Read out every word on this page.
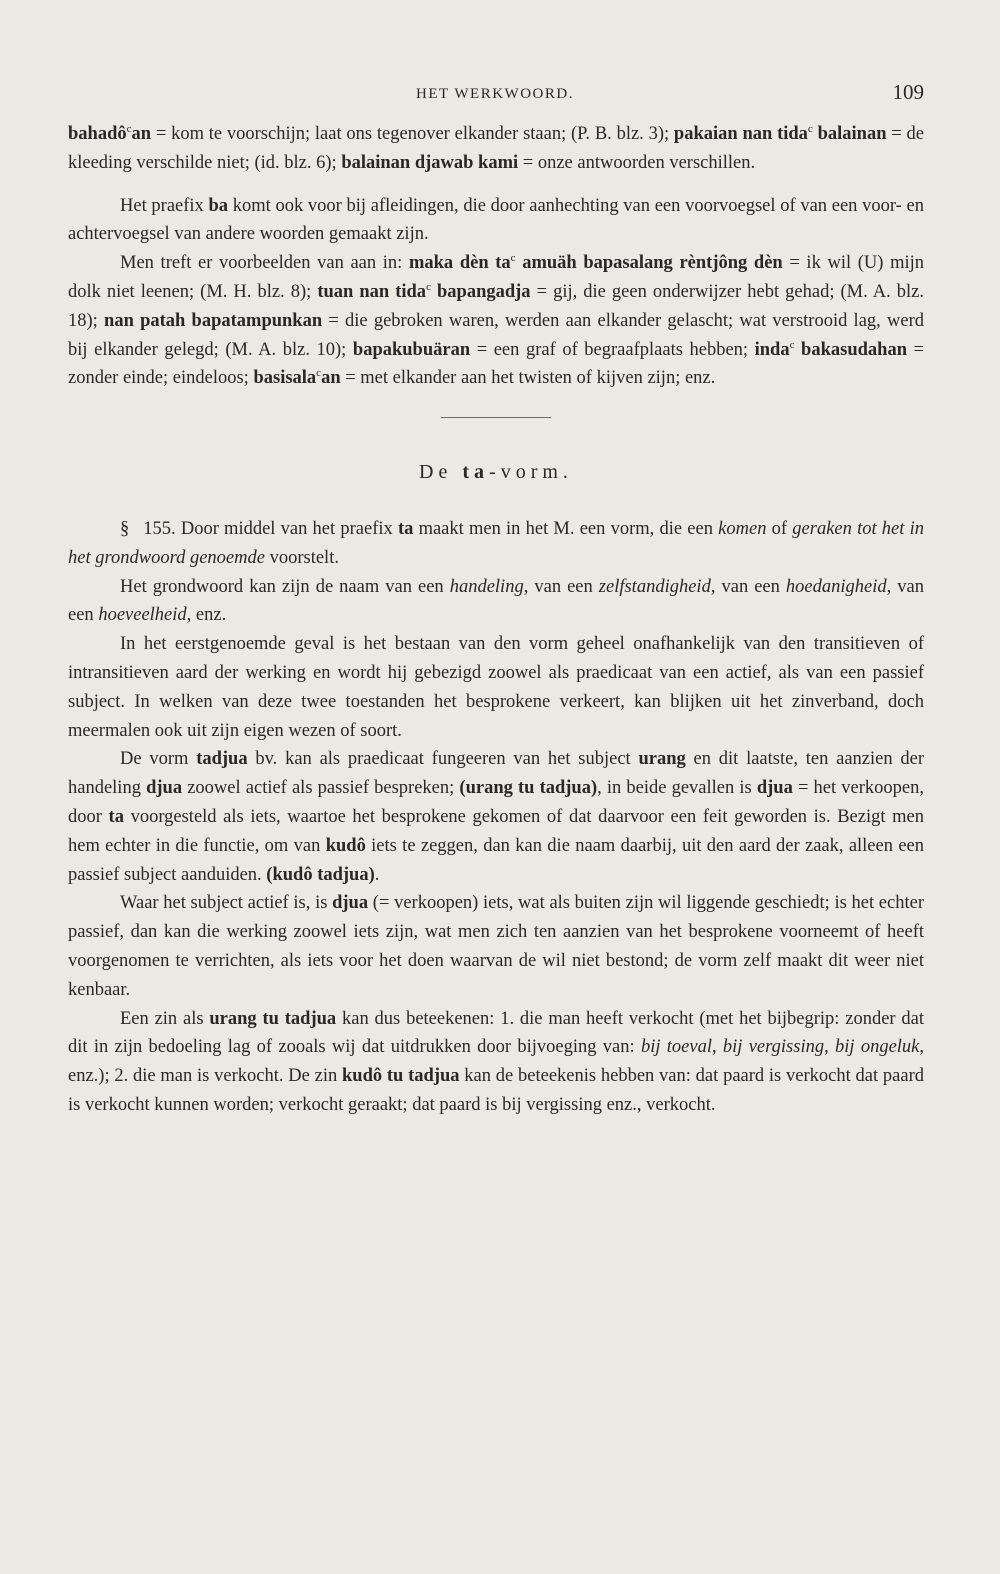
HET WERKWOORD.	109

bahadô$^c$an = kom te voorschijn; laat ons tegenover elkander staan; (P. B. blz. 3); pakaian nan tida$^c$ balainan = de kleeding verschilde niet; (id. blz. 6); balainan djawab kami = onze antwoorden verschillen.

Het praefix ba komt ook voor bij afleidingen, die door aanhechting van een voorvoegsel of van een voor- en achtervoegsel van andere woorden gemaakt zijn.

Men treft er voorbeelden van aan in: maka dèn $ta^c$ amuäh bapasalang rèntjông dèn = ik wil (U) mijn dolk niet leenen; (M. H. blz. 8); tuan nan tida$^c$ bapangadja = gij, die geen onderwijzer hebt gehad; (M. A. blz. 18); nan patah bapatampunkan = die gebroken waren, werden aan elkander gelascht; wat verstrooid lag, werd bij elkander gelegd; (M. A. blz. 10); bapakubuäran = een graf of begraafplaats hebben; inda$^c$ bakasudahan = zonder einde; eindeloos; basisala$^c$an = met elkander aan het twisten of kijven zijn; enz.

De ta-vorm.

§ 155. Door middel van het praefix ta maakt men in het M. een vorm, die een komen of geraken tot het in het grondwoord genoemde voorstelt.

Het grondwoord kan zijn de naam van een handeling, van een zelfstandigheid, van een hoedanigheid, van een hoeveelheid, enz.

In het eerstgenoemde geval is het bestaan van den vorm geheel onafhankelijk van den transitieven of intransitieven aard der werking en wordt hij gebezigd zoowel als praedicaat van een actief, als van een passief subject. In welken van deze twee toestanden het besprokene verkeert, kan blijken uit het zinverband, doch meermalen ook uit zijn eigen wezen of soort.

De vorm tadjua bv. kan als praedicaat fungeeren van het subject urang en dit laatste, ten aanzien der handeling djua zoowel actief als passief bespreken; (urang tu tadjua), in beide gevallen is djua = het verkoopen, door ta voorgesteld als iets, waartoe het besprokene gekomen of dat daarvoor een feit geworden is. Bezigt men hem echter in die functie, om van kudô iets te zeggen, dan kan die naam daarbij, uit den aard der zaak, alleen een passief subject aanduiden. (kudô tadjua).

Waar het subject actief is, is djua (= verkoopen) iets, wat als buiten zijn wil liggende geschiedt; is het echter passief, dan kan die werking zoowel iets zijn, wat men zich ten aanzien van het besprokene voorneemt of heeft voorgenomen te verrichten, als iets voor het doen waarvan de wil niet bestond; de vorm zelf maakt dit weer niet kenbaar.

Een zin als urang tu tadjua kan dus beteekenen: 1. die man heeft verkocht (met het bijbegrip: zonder dat dit in zijn bedoeling lag of zooals wij dat uitdrukken door bijvoeging van: bij toeval, bij vergissing, bij ongeluk, enz.); 2. die man is verkocht. De zin kudô tu tadjua kan de beteekenis hebben van: dat paard is verkocht dat paard is verkocht kunnen worden; verkocht geraakt; dat paard is bij vergissing enz., verkocht.
